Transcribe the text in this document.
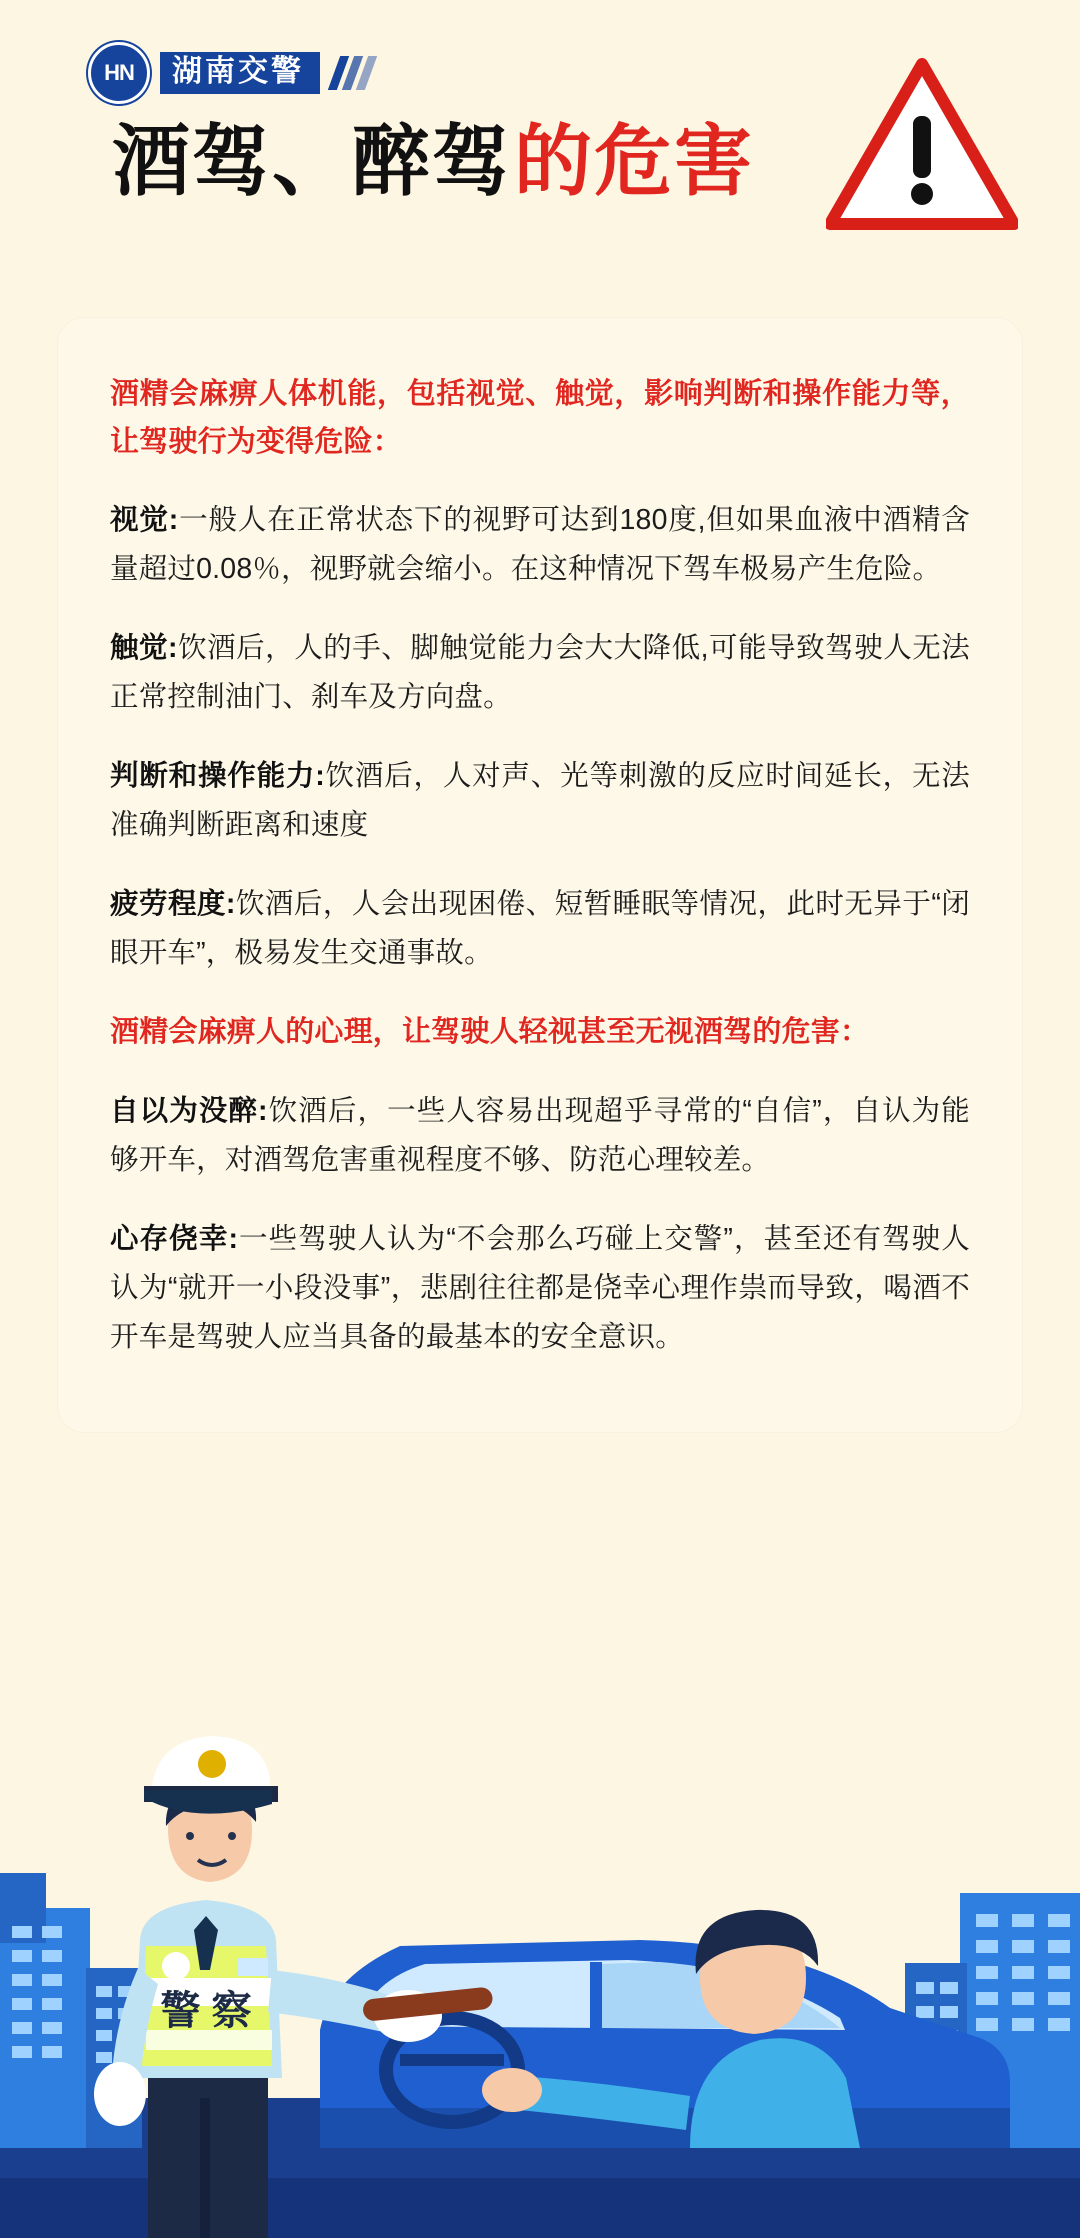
HN	湖南交警
酒驾、醉驾 的危害

酒精会麻痹人体机能，包括视觉、触觉，影响判断和操作能力等，让驾驶行为变得危险：

视觉:一般人在正常状态下的视野可达到180度,但如果血液中酒精含量超过0.08％，视野就会缩小。在这种情况下驾车极易产生危险。

触觉:饮酒后，人的手、脚触觉能力会大大降低,可能导致驾驶人无法正常控制油门、刹车及方向盘。

判断和操作能力:饮酒后，人对声、光等刺激的反应时间延长，无法准确判断距离和速度

疲劳程度:饮酒后，人会出现困倦、短暂睡眠等情况，此时无异于“闭眼开车”，极易发生交通事故。

酒精会麻痹人的心理，让驾驶人轻视甚至无视酒驾的危害：

自以为没醉:饮酒后，一些人容易出现超乎寻常的“自信”，自认为能够开车，对酒驾危害重视程度不够、防范心理较差。

心存侥幸:一些驾驶人认为“不会那么巧碰上交警”，甚至还有驾驶人认为“就开一小段没事”，悲剧往往都是侥幸心理作祟而导致，喝酒不开车是驾驶人应当具备的最基本的安全意识。

警 察
